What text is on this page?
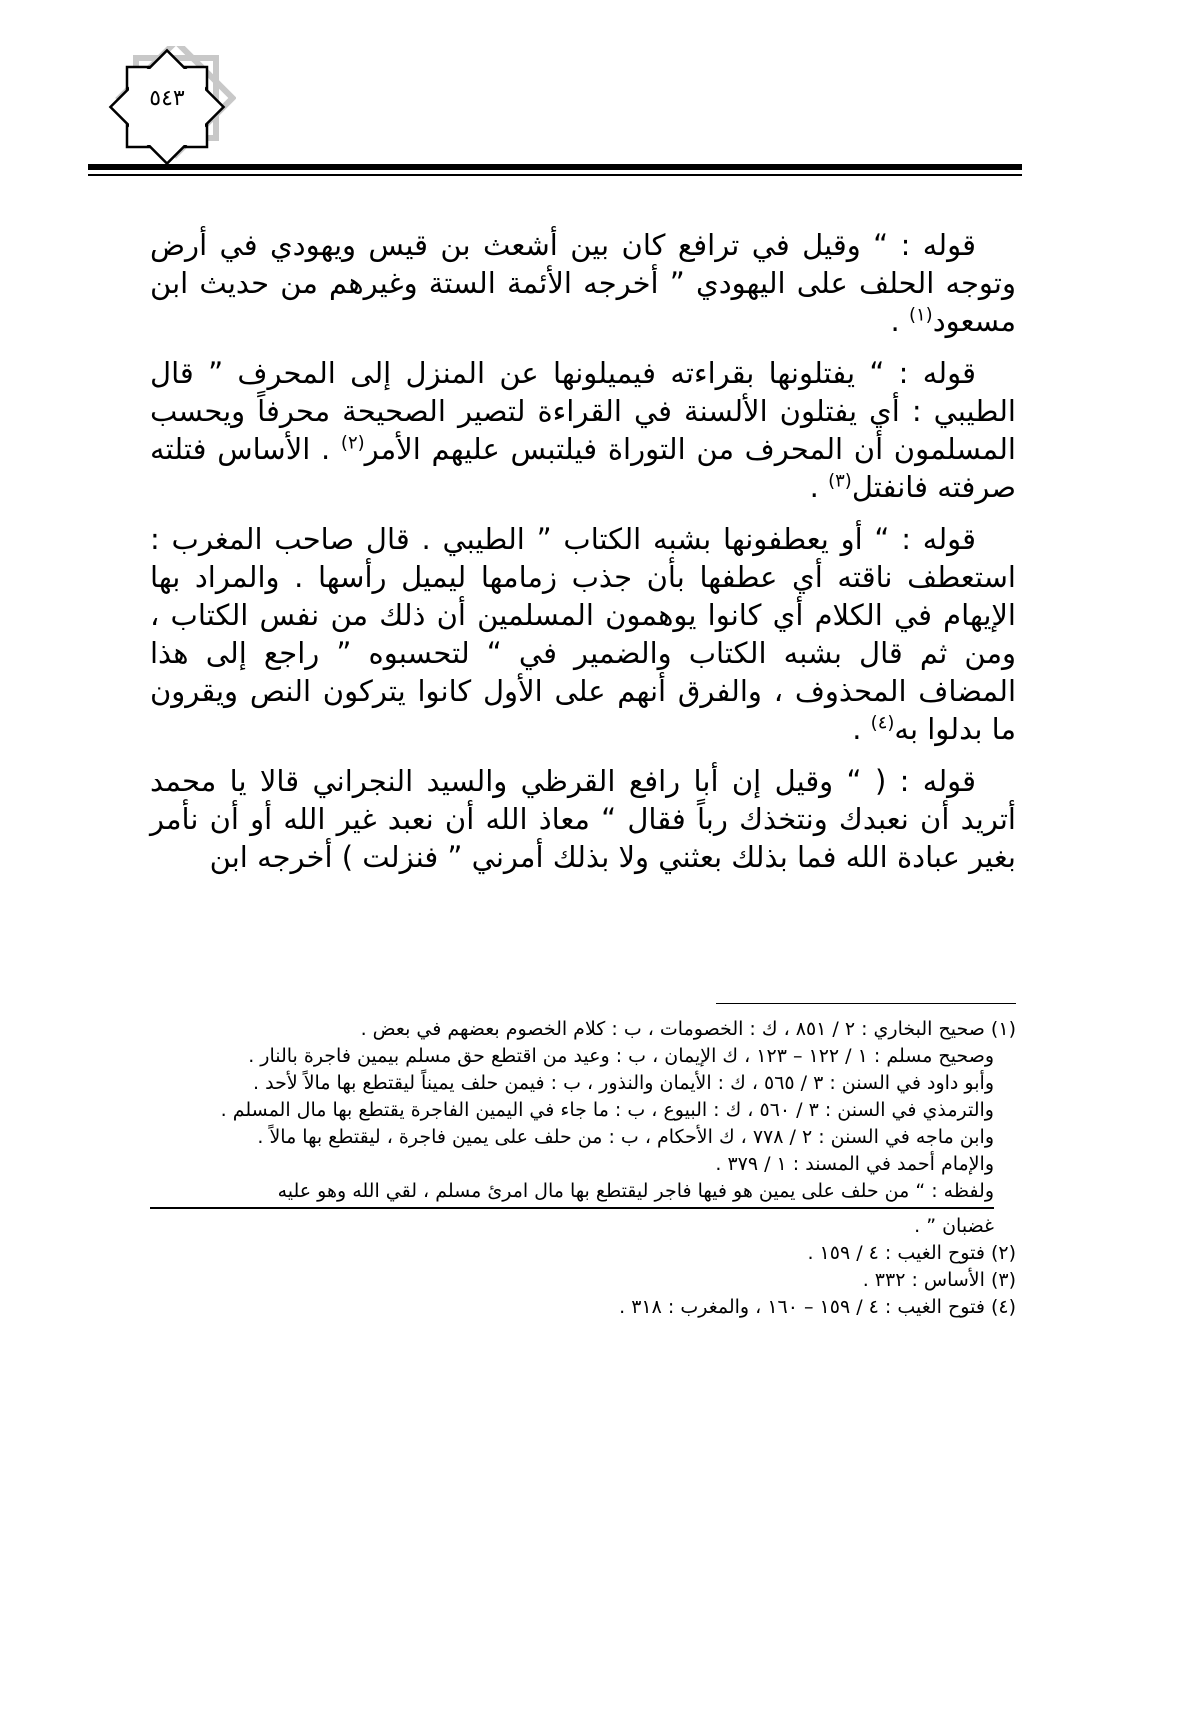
٥٤٣

قوله : “ وقيل في ترافع كان بين أشعث بن قيس ويهودي في أرض وتوجه الحلف على اليهودي ” أخرجه الأئمة الستة وغيرهم من حديث ابن مسعود$^{(١)}$ .

قوله : “ يفتلونها بقراءته فيميلونها عن المنزل إلى المحرف ” قال الطيبي : أي يفتلون الألسنة في القراءة لتصير الصحيحة محرفاً ويحسب المسلمون أن المحرف من التوراة فيلتبس عليهم الأمر$^{(٢)}$ . الأساس فتلته صرفته فانفتل$^{(٣)}$ .

قوله : “ أو يعطفونها بشبه الكتاب ” الطيبي . قال صاحب المغرب : استعطف ناقته أي عطفها بأن جذب زمامها ليميل رأسها . والمراد بها الإيهام في الكلام أي كانوا يوهمون المسلمين أن ذلك من نفس الكتاب ، ومن ثم قال بشبه الكتاب والضمير في “ لتحسبوه ” راجع إلى هذا المضاف المحذوف ، والفرق أنهم على الأول كانوا يتركون النص ويقرون ما بدلوا به$^{(٤)}$ .

قوله : ( “ وقيل إن أبا رافع القرظي والسيد النجراني قالا يا محمد أتريد أن نعبدك ونتخذك رباً فقال “ معاذ الله أن نعبد غير الله أو أن نأمر بغير عبادة الله فما بذلك بعثني ولا بذلك أمرني ” فنزلت ) أخرجه ابن

(١) صحيح البخاري : ٢ / ٨٥١ ، ك : الخصومات ، ب : كلام الخصوم بعضهم في بعض .
وصحيح مسلم : ١ / ١٢٢ – ١٢٣ ، ك الإيمان ، ب : وعيد من اقتطع حق مسلم بيمين فاجرة بالنار .
وأبو داود في السنن : ٣ / ٥٦٥ ، ك : الأيمان والنذور ، ب : فيمن حلف يميناً ليقتطع بها مالاً لأحد .
والترمذي في السنن : ٣ / ٥٦٠ ، ك : البيوع ، ب : ما جاء في اليمين الفاجرة يقتطع بها مال المسلم .
وابن ماجه في السنن : ٢ / ٧٧٨ ، ك الأحكام ، ب : من حلف على يمين فاجرة ، ليقتطع بها مالاً .
والإمام أحمد في المسند : ١ / ٣٧٩ .
ولفظه : “ من حلف على يمين هو فيها فاجر ليقتطع بها مال امرئ مسلم ، لقي الله وهو عليه
غضبان ” .
(٢) فتوح الغيب : ٤ / ١٥٩ .
(٣) الأساس : ٣٣٢ .
(٤) فتوح الغيب : ٤ / ١٥٩ – ١٦٠ ، والمغرب : ٣١٨ .
